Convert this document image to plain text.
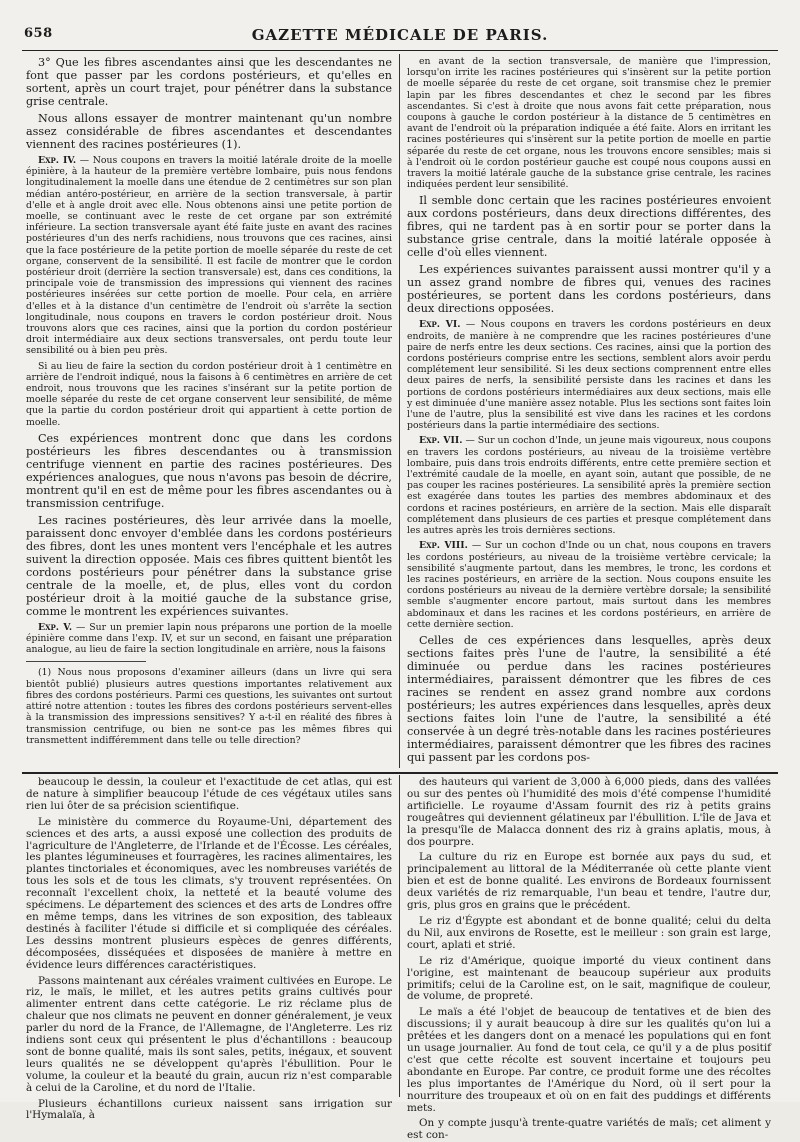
658	GAZETTE MÉDICALE DE PARIS.

3° Que les fibres ascendantes ainsi que les descendantes ne font que passer par les cordons postérieurs, et qu'elles en sortent, après un court trajet, pour pénétrer dans la substance grise centrale.

Nous allons essayer de montrer maintenant qu'un nombre assez considérable de fibres ascendantes et descendantes viennent des racines postérieures (1).

Exp. IV. — Nous coupons en travers la moitié latérale droite de la moelle épinière, à la hauteur de la première vertèbre lombaire, puis nous fendons longitudinalement la moelle dans une étendue de 2 centimètres sur son plan médian antéro-postérieur, en arrière de la section transversale, à partir d'elle et à angle droit avec elle. Nous obtenons ainsi une petite portion de moelle, se continuant avec le reste de cet organe par son extrémité inférieure. La section transversale ayant été faite juste en avant des racines postérieures d'un des nerfs rachidiens, nous trouvons que ces racines, ainsi que la face postérieure de la petite portion de moelle séparée du reste de cet organe, conservent de la sensibilité. Il est facile de montrer que le cordon postérieur droit (derrière la section transversale) est, dans ces conditions, la principale voie de transmission des impressions qui viennent des racines postérieures insérées sur cette portion de moelle. Pour cela, en arrière d'elles et à la distance d'un centimètre de l'endroit où s'arrête la section longitudinale, nous coupons en travers le cordon postérieur droit. Nous trouvons alors que ces racines, ainsi que la portion du cordon postérieur droit intermédiaire aux deux sections transversales, ont perdu toute leur sensibilité ou à bien peu près.

Si au lieu de faire la section du cordon postérieur droit à 1 centimètre en arrière de l'endroit indiqué, nous la faisons à 6 centimètres en arrière de cet endroit, nous trouvons que les racines s'insérant sur la petite portion de moelle séparée du reste de cet organe conservent leur sensibilité, de même que la partie du cordon postérieur droit qui appartient à cette portion de moelle.

Ces expériences montrent donc que dans les cordons postérieurs les fibres descendantes ou à transmission centrifuge viennent en partie des racines postérieures. Des expériences analogues, que nous n'avons pas besoin de décrire, montrent qu'il en est de même pour les fibres ascendantes ou à transmission centrifuge.

Les racines postérieures, dès leur arrivée dans la moelle, paraissent donc envoyer d'emblée dans les cordons postérieurs des fibres, dont les unes montent vers l'encéphale et les autres suivent la direction opposée. Mais ces fibres quittent bientôt les cordons postérieurs pour pénétrer dans la substance grise centrale de la moelle, et, de plus, elles vont du cordon postérieur droit à la moitié gauche de la substance grise, comme le montrent les expériences suivantes.

Exp. V. — Sur un premier lapin nous préparons une portion de la moelle épinière comme dans l'exp. IV, et sur un second, en faisant une préparation analogue, au lieu de faire la section longitudinale en arrière, nous la faisons

(1) Nous nous proposons d'examiner ailleurs (dans un livre qui sera bientôt publié) plusieurs autres questions importantes relativement aux fibres des cordons postérieurs. Parmi ces questions, les suivantes ont surtout attiré notre attention : toutes les fibres des cordons postérieurs servent-elles à la transmission des impressions sensitives? Y a-t-il en réalité des fibres à transmission centrifuge, ou bien ne sont-ce pas les mêmes fibres qui transmettent indifféremment dans telle ou telle direction?

en avant de la section transversale, de manière que l'impression, lorsqu'on irrite les racines postérieures qui s'insèrent sur la petite portion de moelle séparée du reste de cet organe, soit transmise chez le premier lapin par les fibres descendantes et chez le second par les fibres ascendantes. Si c'est à droite que nous avons fait cette préparation, nous coupons à gauche le cordon postérieur à la distance de 5 centimètres en avant de l'endroit où la préparation indiquée a été faite. Alors en irritant les racines postérieures qui s'insèrent sur la petite portion de moelle en partie séparée du reste de cet organe, nous les trouvons encore sensibles; mais si à l'endroit où le cordon postérieur gauche est coupé nous coupons aussi en travers la moitié latérale gauche de la substance grise centrale, les racines indiquées perdent leur sensibilité.

Il semble donc certain que les racines postérieures envoient aux cordons postérieurs, dans deux directions différentes, des fibres, qui ne tardent pas à en sortir pour se porter dans la substance grise centrale, dans la moitié latérale opposée à celle d'où elles viennent.

Les expériences suivantes paraissent aussi montrer qu'il y a un assez grand nombre de fibres qui, venues des racines postérieures, se portent dans les cordons postérieurs, dans deux directions opposées.

Exp. VI. — Nous coupons en travers les cordons postérieurs en deux endroits, de manière à ne comprendre que les racines postérieures d'une paire de nerfs entre les deux sections. Ces racines, ainsi que la portion des cordons postérieurs comprise entre les sections, semblent alors avoir perdu complétement leur sensibilité. Si les deux sections comprennent entre elles deux paires de nerfs, la sensibilité persiste dans les racines et dans les portions de cordons postérieurs intermédiaires aux deux sections, mais elle y est diminuée d'une manière assez notable. Plus les sections sont faites loin l'une de l'autre, plus la sensibilité est vive dans les racines et les cordons postérieurs dans la partie intermédiaire des sections.

Exp. VII. — Sur un cochon d'Inde, un jeune mais vigoureux, nous coupons en travers les cordons postérieurs, au niveau de la troisième vertèbre lombaire, puis dans trois endroits différents, entre cette première section et l'extrémité caudale de la moelle, en ayant soin, autant que possible, de ne pas couper les racines postérieures. La sensibilité après la première section est exagérée dans toutes les parties des membres abdominaux et des cordons et racines postérieurs, en arrière de la section. Mais elle disparaît complétement dans plusieurs de ces parties et presque complétement dans les autres après les trois dernières sections.

Exp. VIII. — Sur un cochon d'Inde ou un chat, nous coupons en travers les cordons postérieurs, au niveau de la troisième vertèbre cervicale; la sensibilité s'augmente partout, dans les membres, le tronc, les cordons et les racines postérieurs, en arrière de la section. Nous coupons ensuite les cordons postérieurs au niveau de la dernière vertèbre dorsale; la sensibilité semble s'augmenter encore partout, mais surtout dans les membres abdominaux et dans les racines et les cordons postérieurs, en arrière de cette dernière section.

Celles de ces expériences dans lesquelles, après deux sections faites près l'une de l'autre, la sensibilité a été diminuée ou perdue dans les racines postérieures intermédiaires, paraissent démontrer que les fibres de ces racines se rendent en assez grand nombre aux cordons postérieurs; les autres expériences dans lesquelles, après deux sections faites loin l'une de l'autre, la sensibilité a été conservée à un degré très-notable dans les racines postérieures intermédiaires, paraissent démontrer que les fibres des racines qui passent par les cordons pos-

beaucoup le dessin, la couleur et l'exactitude de cet atlas, qui est de nature à simplifier beaucoup l'étude de ces végétaux utiles sans rien lui ôter de sa précision scientifique.

Le ministère du commerce du Royaume-Uni, département des sciences et des arts, a aussi exposé une collection des produits de l'agriculture de l'Angleterre, de l'Irlande et de l'Écosse. Les céréales, les plantes légumineuses et fourragères, les racines alimentaires, les plantes tinctoriales et économiques, avec les nombreuses variétés de tous les sols et de tous les climats, s'y trouvent représentées. On reconnaît l'excellent choix, la netteté et la beauté volume des spécimens. Le département des sciences et des arts de Londres offre en même temps, dans les vitrines de son exposition, des tableaux destinés à faciliter l'étude si difficile et si compliquée des céréales. Les dessins montrent plusieurs espèces de genres différents, décomposées, disséquées et disposées de manière à mettre en évidence leurs différences caractéristiques.

Passons maintenant aux céréales vraiment cultivées en Europe. Le riz, le maïs, le millet, et les autres petits grains cultivés pour alimenter entrent dans cette catégorie. Le riz réclame plus de chaleur que nos climats ne peuvent en donner généralement, je veux parler du nord de la France, de l'Allemagne, de l'Angleterre. Les riz indiens sont ceux qui présentent le plus d'échantillons : beaucoup sont de bonne qualité, mais ils sont sales, petits, inégaux, et souvent leurs qualités ne se développent qu'après l'ébullition. Pour le volume, la couleur et la beauté du grain, aucun riz n'est comparable à celui de la Caroline, et du nord de l'Italie.

Plusieurs échantillons curieux naissent sans irrigation sur l'Hymalaïa, à

des hauteurs qui varient de 3,000 à 6,000 pieds, dans des vallées ou sur des pentes où l'humidité des mois d'été compense l'humidité artificielle. Le royaume d'Assam fournit des riz à petits grains rougeâtres qui deviennent gélatineux par l'ébullition. L'île de Java et la presqu'île de Malacca donnent des riz à grains aplatis, mous, à dos pourpre.

La culture du riz en Europe est bornée aux pays du sud, et principalement au littoral de la Méditerranée où cette plante vient bien et est de bonne qualité. Les environs de Bordeaux fournissent deux variétés de riz remarquable, l'un beau et tendre, l'autre dur, gris, plus gros en grains que le précédent.

Le riz d'Égypte est abondant et de bonne qualité; celui du delta du Nil, aux environs de Rosette, est le meilleur : son grain est large, court, aplati et strié.

Le riz d'Amérique, quoique importé du vieux continent dans l'origine, est maintenant de beaucoup supérieur aux produits primitifs; celui de la Caroline est, on le sait, magnifique de couleur, de volume, de propreté.

Le maïs a été l'objet de beaucoup de tentatives et de bien des discussions; il y aurait beaucoup à dire sur les qualités qu'on lui a prêtées et les dangers dont on a menacé les populations qui en font un usage journalier. Au fond de tout cela, ce qu'il y a de plus positif c'est que cette récolte est souvent incertaine et toujours peu abondante en Europe. Par contre, ce produit forme une des récoltes les plus importantes de l'Amérique du Nord, où il sert pour la nourriture des troupeaux et où on en fait des puddings et différents mets.

On y compte jusqu'à trente-quatre variétés de maïs; cet aliment y est con-
